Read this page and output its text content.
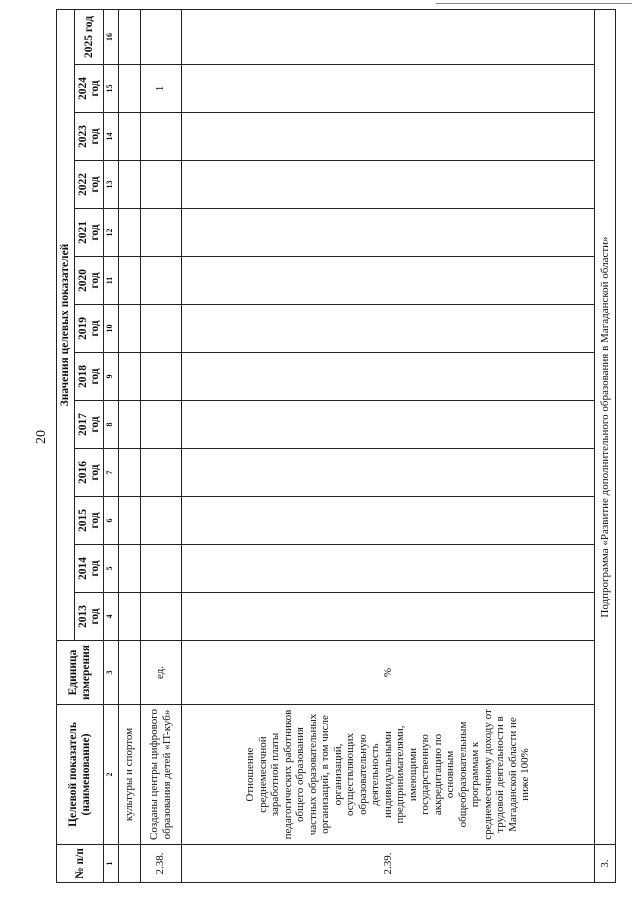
20
№ п/п	Целевой показатель (наименование)	Единица измерения	Значения целевых показателей												
			2013 год	2014 год	2015 год	2016 год	2017 год	2018 год	2019 год	2020 год	2021 год	2022 год	2023 год	2024 год	2025 год
1	2	3	4	5	6	7	8	9	10	11	12	13	14	15	16
	культуры и спортом														
2.38.	Созданы центры цифрового образования детей «IT-куб»	ед.												1	
2.39.	Отношение среднемесячной заработной платы педагогических работников общего образования частных образовательных организаций, в том числе организаций, осуществляющих образовательную деятельность индивидуальными предпринимателями, имеющими государственную аккредитацию по основным общеобразовательным программам к среднемесячному доходу от трудовой деятельности в Магаданской области не ниже 100%	%													
3.	Подпрограмма «Развитие дополнительного образования в Магаданской области»														
